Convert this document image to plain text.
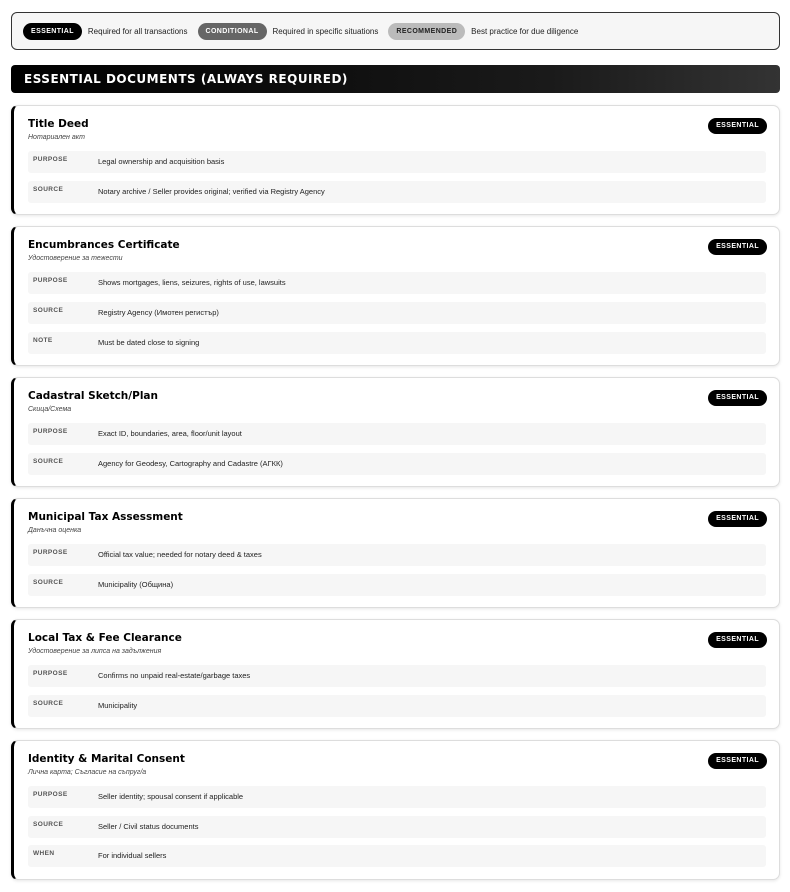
ESSENTIAL	Required for all transactions	CONDITIONAL	Required in specific situations	RECOMMENDED	Best practice for due diligence
ESSENTIAL DOCUMENTS (ALWAYS REQUIRED)
Title Deed
Нотариален акт
ESSENTIAL
PURPOSE	Legal ownership and acquisition basis
SOURCE	Notary archive / Seller provides original; verified via Registry Agency
Encumbrances Certificate
Удостоверение за тежести
ESSENTIAL
PURPOSE	Shows mortgages, liens, seizures, rights of use, lawsuits
SOURCE	Registry Agency (Имотен регистър)
NOTE	Must be dated close to signing
Cadastral Sketch/Plan
Скица/Схема
ESSENTIAL
PURPOSE	Exact ID, boundaries, area, floor/unit layout
SOURCE	Agency for Geodesy, Cartography and Cadastre (АГКК)
Municipal Tax Assessment
Данъчна оценка
ESSENTIAL
PURPOSE	Official tax value; needed for notary deed & taxes
SOURCE	Municipality (Община)
Local Tax & Fee Clearance
Удостоверение за липса на задължения
ESSENTIAL
PURPOSE	Confirms no unpaid real-estate/garbage taxes
SOURCE	Municipality
Identity & Marital Consent
Лична карта; Съгласие на съпруг/а
ESSENTIAL
PURPOSE	Seller identity; spousal consent if applicable
SOURCE	Seller / Civil status documents
WHEN	For individual sellers
